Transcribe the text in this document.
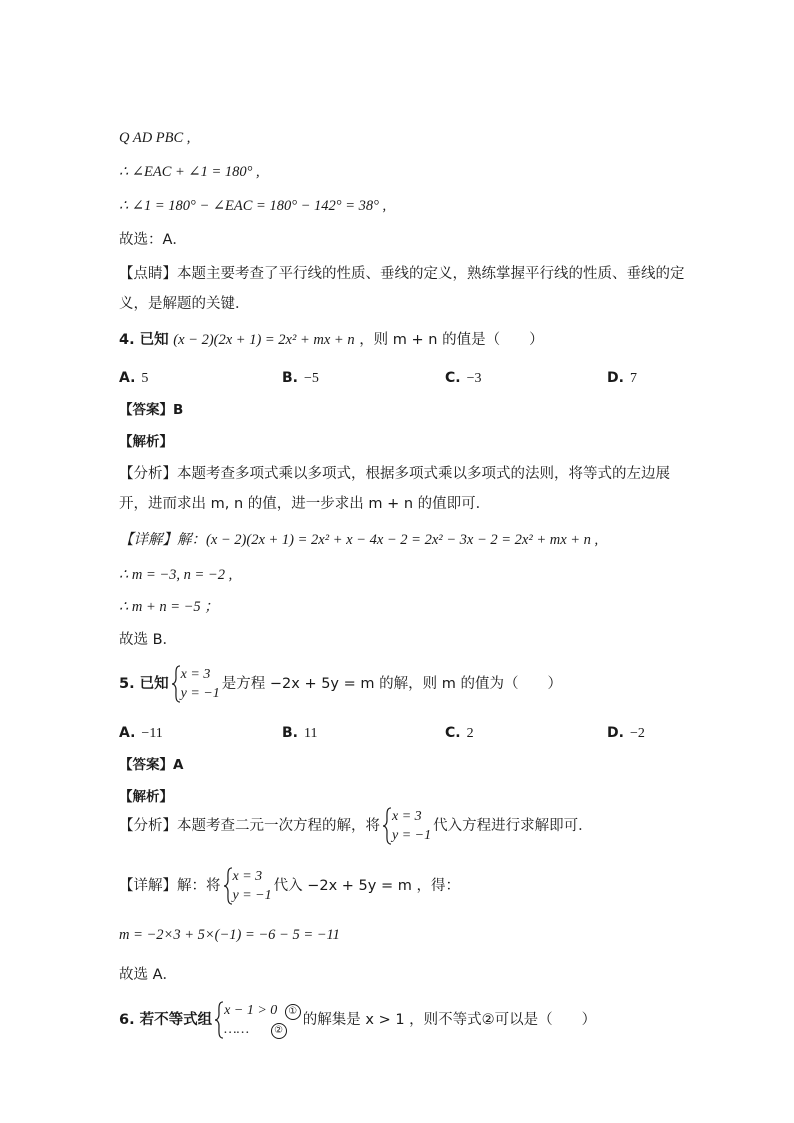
Q AD PBC ,
∴ ∠EAC + ∠1 = 180° ,
∴ ∠1 = 180° − ∠EAC = 180° − 142° = 38° ,
故选：A．
【点睛】本题主要考查了平行线的性质、垂线的定义，熟练掌握平行线的性质、垂线的定
义，是解题的关键．
4. 已知 (x − 2)(2x + 1) = 2x² + mx + n ，则 m + n 的值是（　　）
A. 5	B. −5	C. −3	D. 7
【答案】B
【解析】
【分析】本题考查多项式乘以多项式，根据多项式乘以多项式的法则，将等式的左边展
开，进而求出 m, n 的值，进一步求出 m + n 的值即可．
【详解】解：(x − 2)(2x + 1) = 2x² + x − 4x − 2 = 2x² − 3x − 2 = 2x² + mx + n ,
∴ m = −3, n = −2 ,
∴ m + n = −5 ；
故选 B．
5. 已知
x = 3
y = −1
是方程 −2x + 5y = m 的解，则 m 的值为（　　）
A. −11	B. 11	C. 2	D. −2
【答案】A
【解析】
【分析】本题考查二元一次方程的解，将
x = 3
y = −1
代入方程进行求解即可．
【详解】解：将
x = 3
y = −1
代入 −2x + 5y = m ，得：
m = −2×3 + 5×(−1) = −6 − 5 = −11
故选 A．
6. 若不等式组
x − 1 > 0 ①
……	②
的解集是 x > 1 ，则不等式②可以是（　　）
